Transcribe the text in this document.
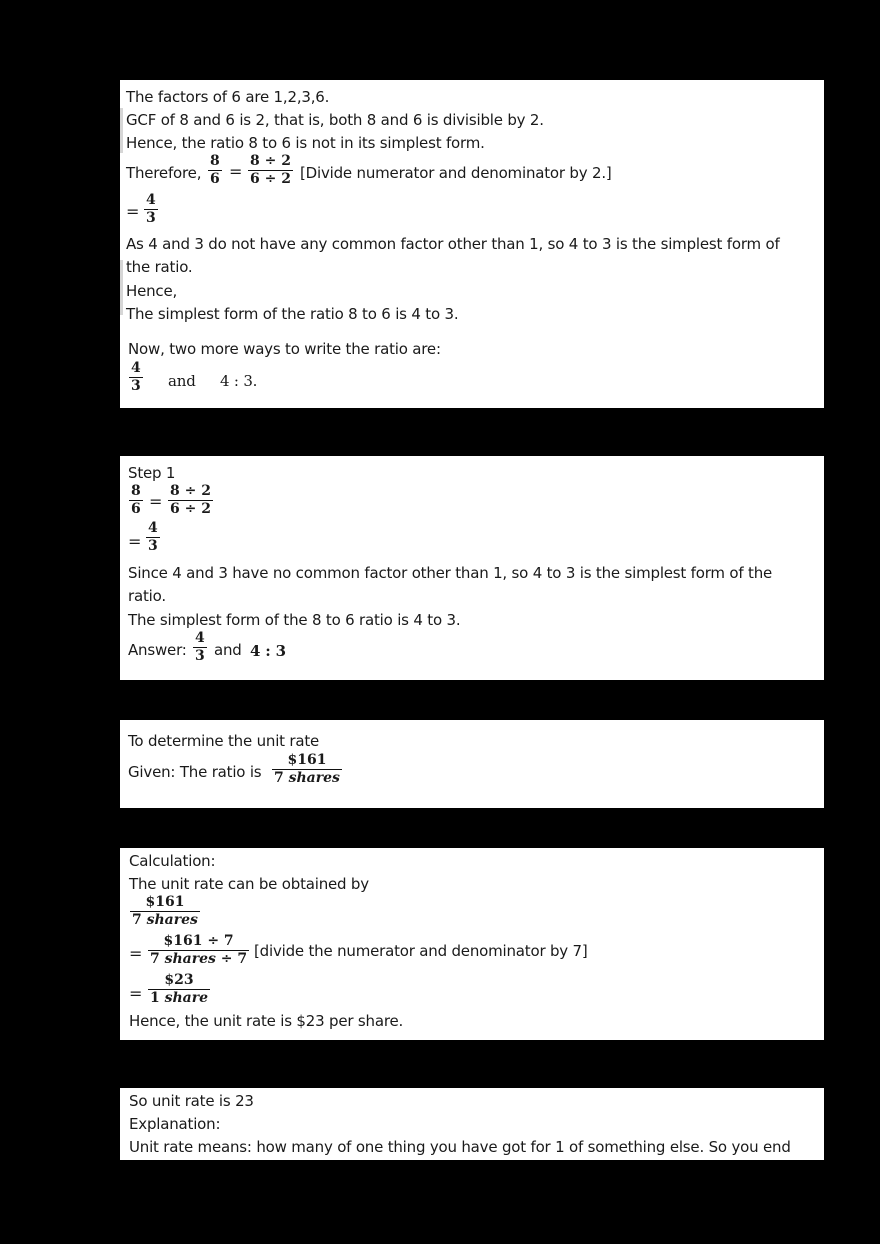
The factors of 6 are 1,2,3,6.
GCF of 8 and 6 is 2, that is, both 8 and 6 is divisible by 2.
Hence, the ratio 8 to 6 is not in its simplest form.
Therefore,
8
6 =
8 ÷ 2
6 ÷ 2 [Divide numerator and denominator by 2.]
=
4
3
As 4 and 3 do not have any common factor other than 1, so 4 to 3 is the simplest form of
the ratio.
Hence,
The simplest form of the ratio 8 to 6 is 4 to 3.
Now, two more ways to write the ratio are:
4
3 and 4 : 3.
Step 1
8
6 =
8 ÷ 2
6 ÷ 2
=
4
3
Since 4 and 3 have no common factor other than 1, so 4 to 3 is the simplest form of the
ratio.
The simplest form of the 8 to 6 ratio is 4 to 3.
Answer:
4
3 and 4 : 3
To determine the unit rate
Given: The ratio is
$161
7 shares
Calculation:
The unit rate can be obtained by
$161
7 shares
=
$161 ÷ 7
7 shares ÷ 7 [divide the numerator and denominator by 7]
=
$23
1 share
Hence, the unit rate is $23 per share.
So unit rate is 23
Explanation:
Unit rate means: how many of one thing you have got for 1 of something else. So you end
